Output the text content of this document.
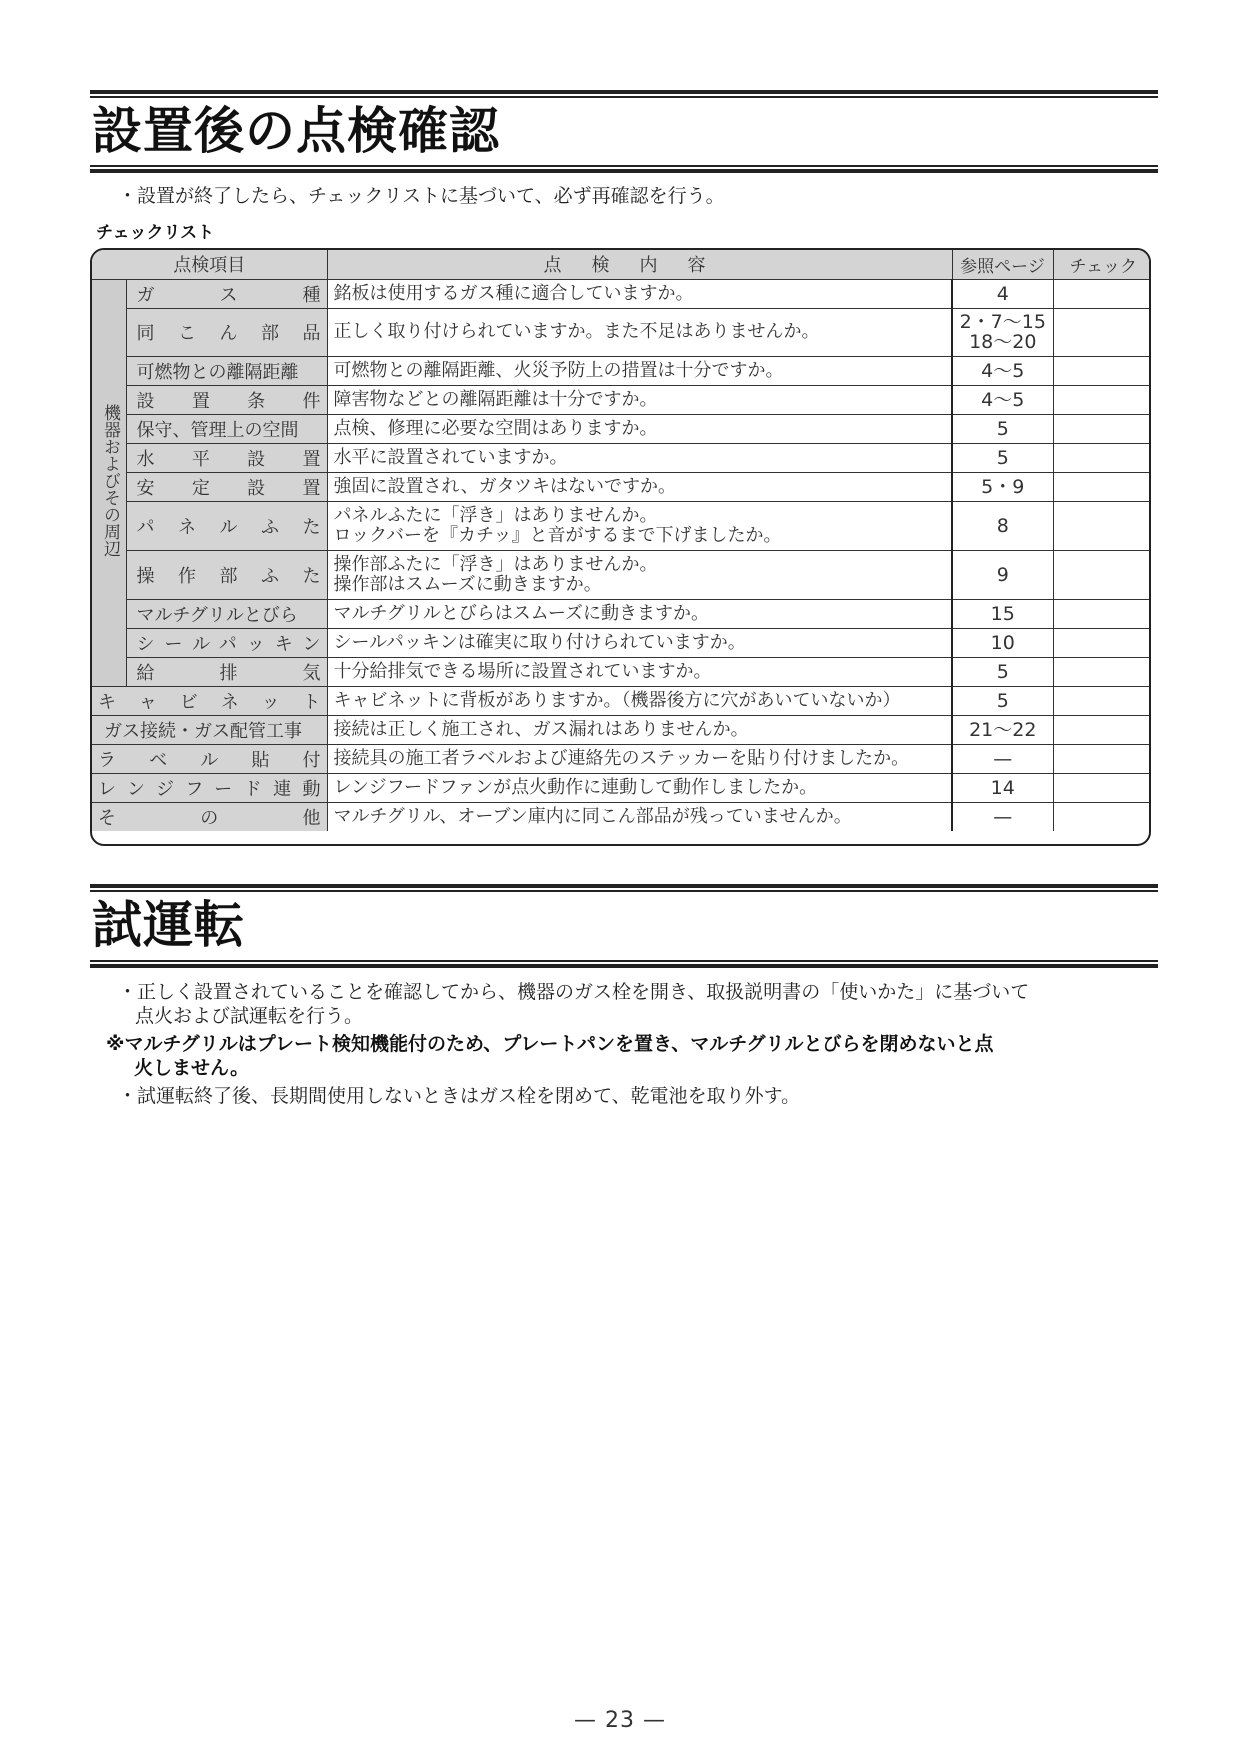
設置後の点検確認

・設置が終了したら、チェックリストに基づいて、必ず再確認を行う。

チェックリスト
点検項目		点検内容	参照ページ	チェック
機器およびその周辺	ガス種	銘板は使用するガス種に適合していますか。	4	
	同こん部品	正しく取り付けられていますか。また不足はありませんか。	2・7〜15
18〜20	
	可燃物との離隔距離	可燃物との離隔距離、火災予防上の措置は十分ですか。	4〜5	
	設置条件	障害物などとの離隔距離は十分ですか。	4〜5	
	保守、管理上の空間	点検、修理に必要な空間はありますか。	5	
	水平設置	水平に設置されていますか。	5	
	安定設置	強固に設置され、ガタツキはないですか。	5・9	
	パネルふた	パネルふたに「浮き」はありませんか。
ロックバーを『カチッ』と音がするまで下げましたか。	8	
	操作部ふた	操作部ふたに「浮き」はありませんか。
操作部はスムーズに動きますか。	9	
	マルチグリルとびら	マルチグリルとびらはスムーズに動きますか。	15	
	シールパッキン	シールパッキンは確実に取り付けられていますか。	10	
	給排気	十分給排気できる場所に設置されていますか。	5	
キャビネット		キャビネットに背板がありますか。（機器後方に穴があいていないか）	5	
ガス接続・ガス配管工事		接続は正しく施工され、ガス漏れはありませんか。	21〜22	
ラベル貼付		接続具の施工者ラベルおよび連絡先のステッカーを貼り付けましたか。	—	
レンジフード連動		レンジフードファンが点火動作に連動して動作しましたか。	14	
その他		マルチグリル、オーブン庫内に同こん部品が残っていませんか。	—	
試運転

・正しく設置されていることを確認してから、機器のガス栓を開き、取扱説明書の「使いかた」に基づいて
点火および試運転を行う。

※マルチグリルはプレート検知機能付のため、プレートパンを置き、マルチグリルとびらを閉めないと点
火しません。

・試運転終了後、長期間使用しないときはガス栓を閉めて、乾電池を取り外す。

— 23 —
